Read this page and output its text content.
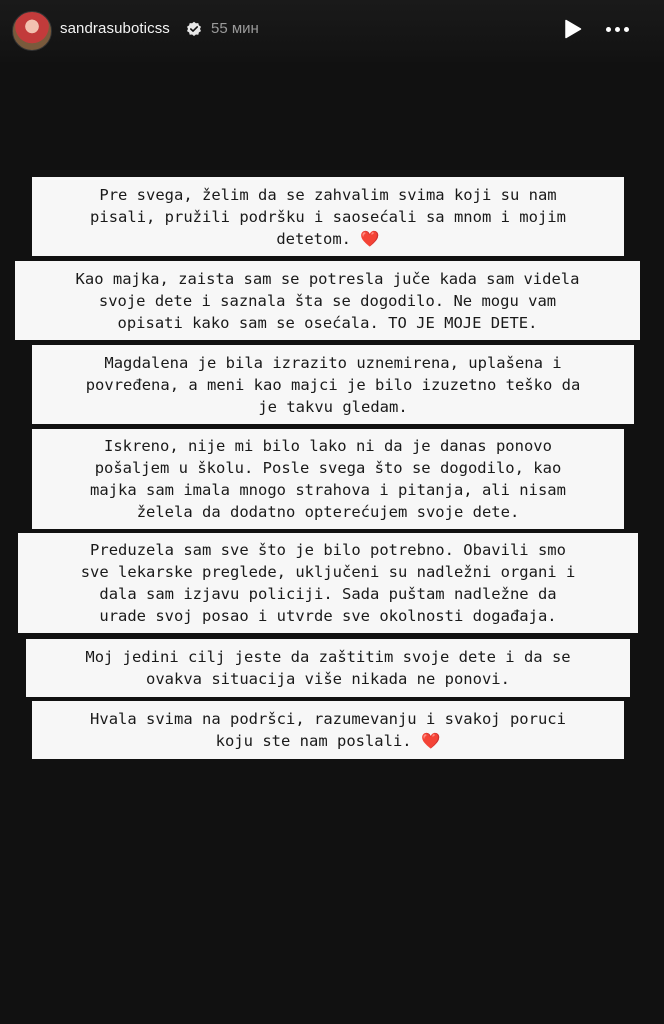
sandrasuboticss	55 мин
Pre svega, želim da se zahvalim svima koji su nam
pisali, pružili podršku i saosećali sa mnom i mojim
detetom. ❤️
Kao majka, zaista sam se potresla juče kada sam videla
svoje dete i saznala šta se dogodilo. Ne mogu vam
opisati kako sam se osećala. TO JE MOJE DETE.
Magdalena je bila izrazito uznemirena, uplašena i
povređena, a meni kao majci je bilo izuzetno teško da
je takvu gledam.
Iskreno, nije mi bilo lako ni da je danas ponovo
pošaljem u školu. Posle svega što se dogodilo, kao
majka sam imala mnogo strahova i pitanja, ali nisam
želela da dodatno opterećujem svoje dete.
Preduzela sam sve što je bilo potrebno. Obavili smo
sve lekarske preglede, uključeni su nadležni organi i
dala sam izjavu policiji. Sada puštam nadležne da
urade svoj posao i utvrde sve okolnosti događaja.
Moj jedini cilj jeste da zaštitim svoje dete i da se
ovakva situacija više nikada ne ponovi.
Hvala svima na podršci, razumevanju i svakoj poruci
koju ste nam poslali. ❤️
